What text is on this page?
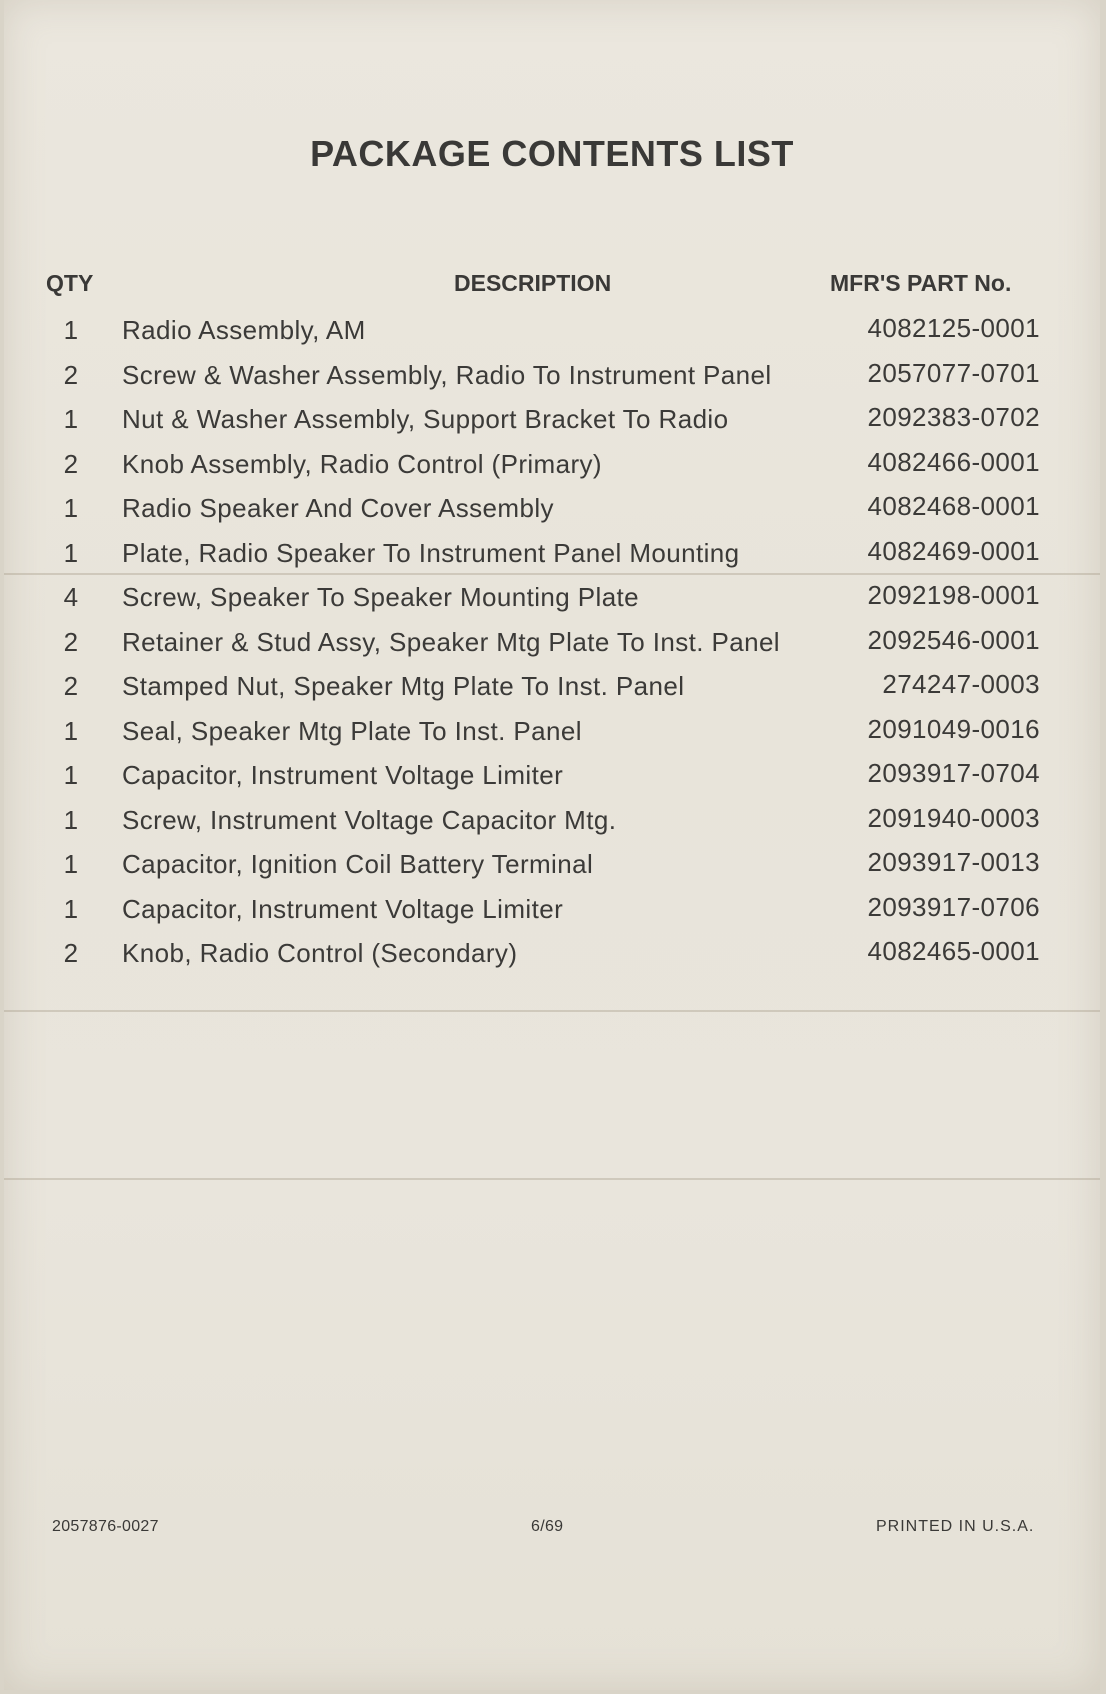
PACKAGE CONTENTS LIST
QTY	DESCRIPTION	MFR'S PART No.
1 Radio Assembly, AM	4082125-0001
2 Screw & Washer Assembly, Radio To Instrument Panel	2057077-0701
1 Nut & Washer Assembly, Support Bracket To Radio	2092383-0702
2 Knob Assembly, Radio Control (Primary)	4082466-0001
1 Radio Speaker And Cover Assembly	4082468-0001
1 Plate, Radio Speaker To Instrument Panel Mounting	4082469-0001
4 Screw, Speaker To Speaker Mounting Plate	2092198-0001
2 Retainer & Stud Assy, Speaker Mtg Plate To Inst. Panel	2092546-0001
2 Stamped Nut, Speaker Mtg Plate To Inst. Panel	274247-0003
1 Seal, Speaker Mtg Plate To Inst. Panel	2091049-0016
1 Capacitor, Instrument Voltage Limiter	2093917-0704
1 Screw, Instrument Voltage Capacitor Mtg.	2091940-0003
1 Capacitor, Ignition Coil Battery Terminal	2093917-0013
1 Capacitor, Instrument Voltage Limiter	2093917-0706
2 Knob, Radio Control (Secondary)	4082465-0001
2057876-0027	6/69	PRINTED IN U.S.A.
